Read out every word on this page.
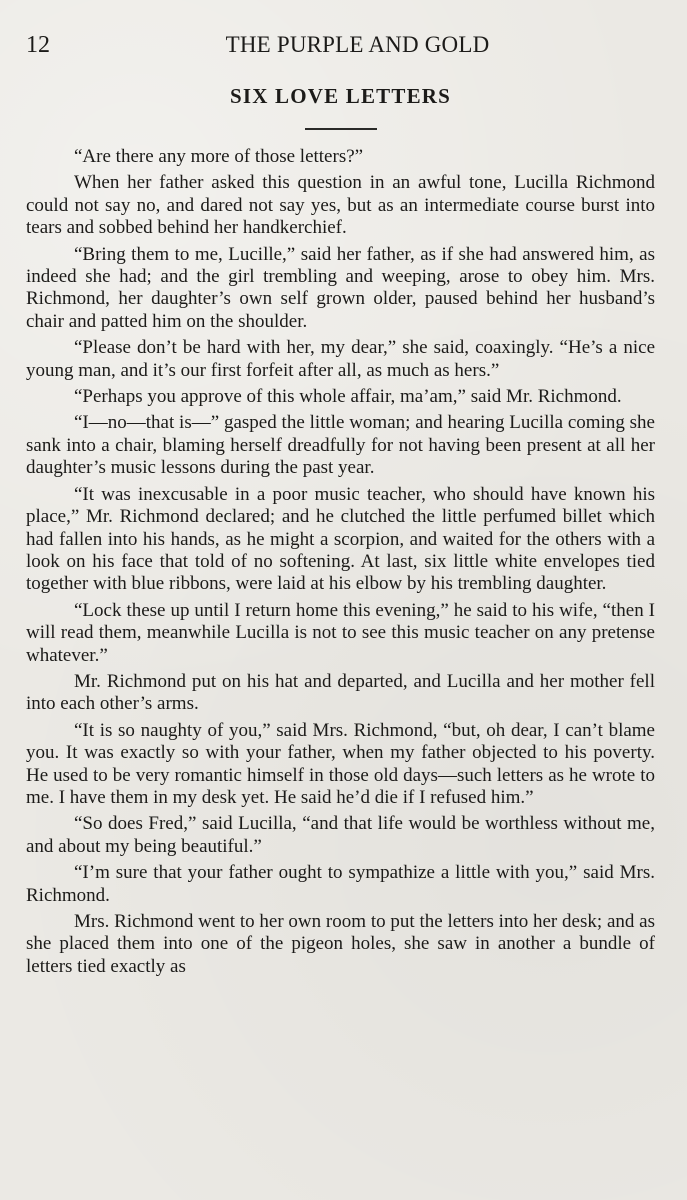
12	THE PURPLE AND GOLD
SIX LOVE LETTERS

“Are there any more of those letters?”

When her father asked this question in an awful tone, Lucilla Richmond could not say no, and dared not say yes, but as an intermediate course burst into tears and sobbed behind her handkerchief.

“Bring them to me, Lucille,” said her father, as if she had answered him, as indeed she had; and the girl trembling and weeping, arose to obey him. Mrs. Richmond, her daughter’s own self grown older, paused behind her husband’s chair and patted him on the shoulder.

“Please don’t be hard with her, my dear,” she said, coaxingly. “He’s a nice young man, and it’s our first forfeit after all, as much as hers.”

“Perhaps you approve of this whole affair, ma’am,” said Mr. Richmond.

“I—no—that is—” gasped the little woman; and hearing Lucilla coming she sank into a chair, blaming herself dreadfully for not having been present at all her daughter’s music lessons during the past year.

“It was inexcusable in a poor music teacher, who should have known his place,” Mr. Richmond declared; and he clutched the little perfumed billet which had fallen into his hands, as he might a scorpion, and waited for the others with a look on his face that told of no softening. At last, six little white envelopes tied together with blue ribbons, were laid at his elbow by his trembling daughter.

“Lock these up until I return home this evening,” he said to his wife, “then I will read them, meanwhile Lucilla is not to see this music teacher on any pretense whatever.”

Mr. Richmond put on his hat and departed, and Lucilla and her mother fell into each other’s arms.

“It is so naughty of you,” said Mrs. Richmond, “but, oh dear, I can’t blame you. It was exactly so with your father, when my father objected to his poverty. He used to be very romantic himself in those old days—such letters as he wrote to me. I have them in my desk yet. He said he’d die if I refused him.”

“So does Fred,” said Lucilla, “and that life would be worthless without me, and about my being beautiful.”

“I’m sure that your father ought to sympathize a little with you,” said Mrs. Richmond.

Mrs. Richmond went to her own room to put the letters into her desk; and as she placed them into one of the pigeon holes, she saw in another a bundle of letters tied exactly as
